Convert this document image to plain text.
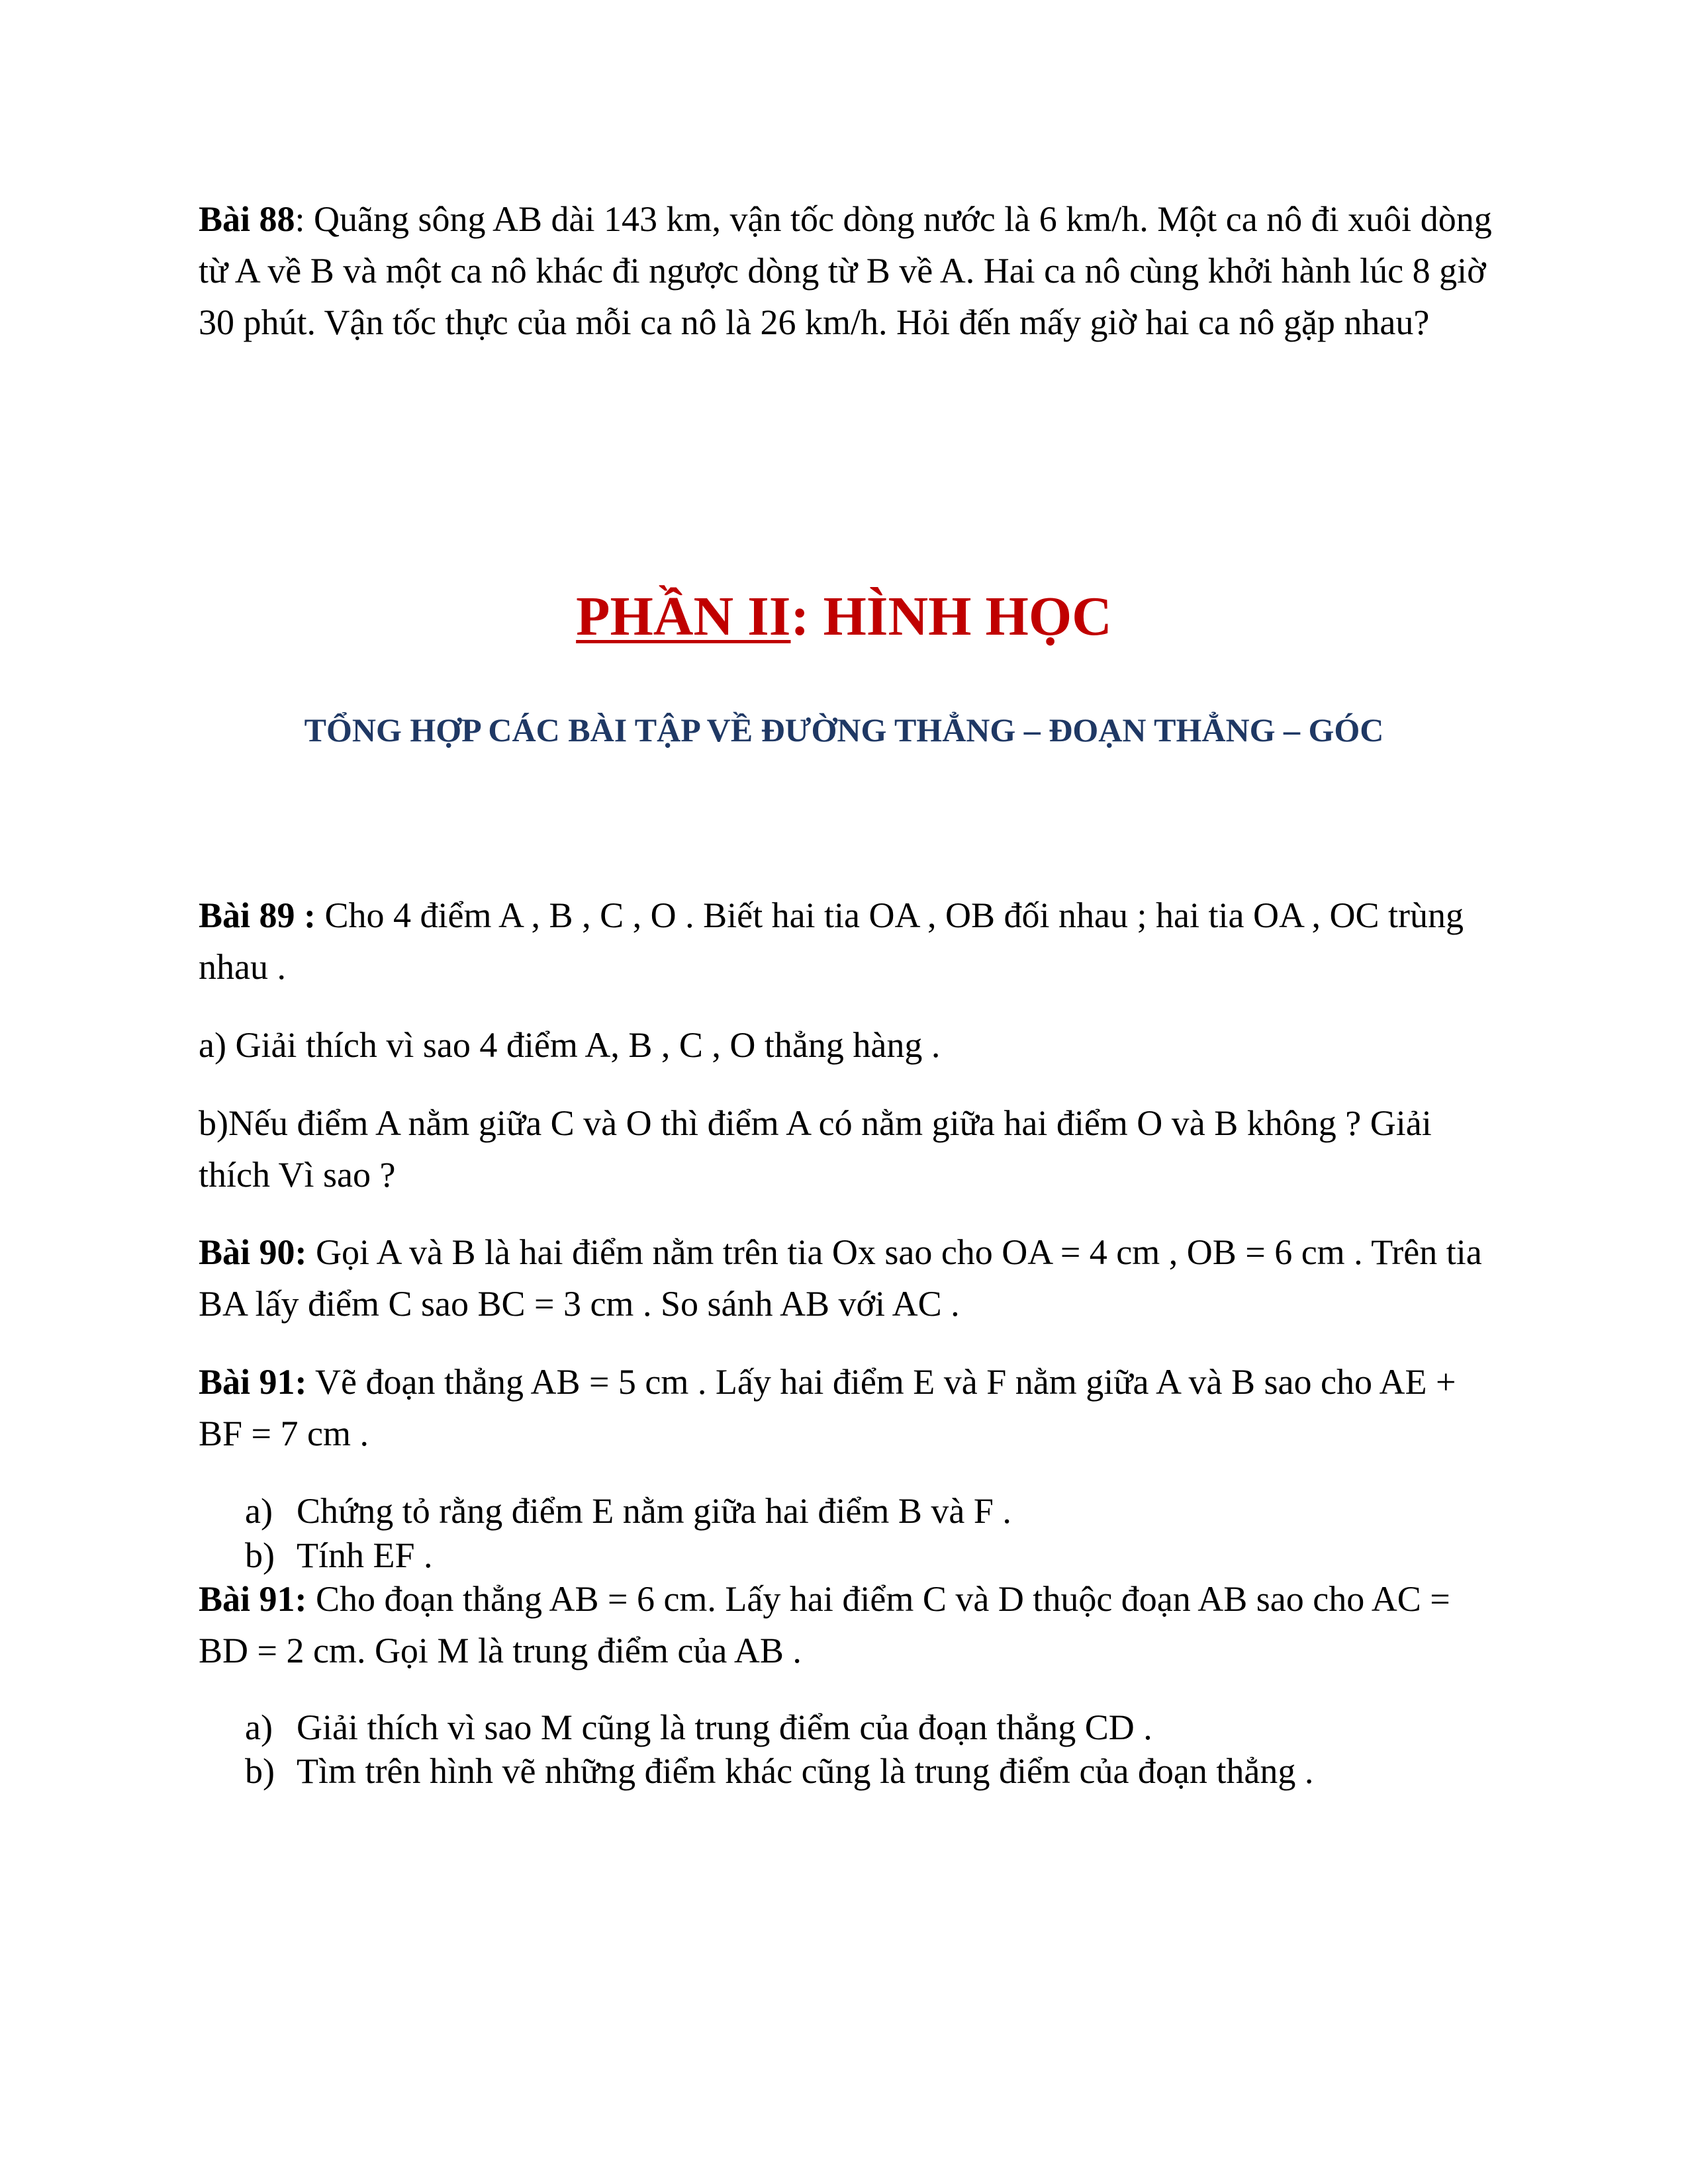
Bài 88: Quãng sông AB dài 143 km, vận tốc dòng nước là 6 km/h. Một ca nô đi xuôi dòng từ A về B và một ca nô khác đi ngược dòng từ B về A. Hai ca nô cùng khởi hành lúc 8 giờ 30 phút. Vận tốc thực của mỗi ca nô là 26 km/h. Hỏi đến mấy giờ hai ca nô gặp nhau?

PHẦN II: HÌNH HỌC
TỔNG HỢP CÁC BÀI TẬP VỀ ĐƯỜNG THẲNG – ĐOẠN THẲNG – GÓC

Bài 89 : Cho 4 điểm A , B , C , O . Biết hai tia OA , OB đối nhau ; hai tia OA , OC trùng nhau .

a) Giải thích vì sao 4 điểm A, B , C , O thẳng hàng .

b)Nếu điểm A nằm giữa C và O thì điểm A có nằm giữa hai điểm O và B không ? Giải thích Vì sao ?

Bài 90: Gọi A và B là hai điểm nằm trên tia Ox sao cho OA = 4 cm , OB = 6 cm . Trên tia BA lấy điểm C sao BC = 3 cm . So sánh AB với AC .

Bài 91: Vẽ đoạn thẳng AB = 5 cm . Lấy hai điểm E và F nằm giữa A và B sao cho AE + BF = 7 cm .

a) Chứng tỏ rằng điểm E nằm giữa hai điểm B và F .

b) Tính EF .

Bài 91: Cho đoạn thẳng AB = 6 cm. Lấy hai điểm C và D thuộc đoạn AB sao cho AC = BD = 2 cm. Gọi M là trung điểm của AB .

a) Giải thích vì sao M cũng là trung điểm của đoạn thẳng CD .

b) Tìm trên hình vẽ những điểm khác cũng là trung điểm của đoạn thẳng .
